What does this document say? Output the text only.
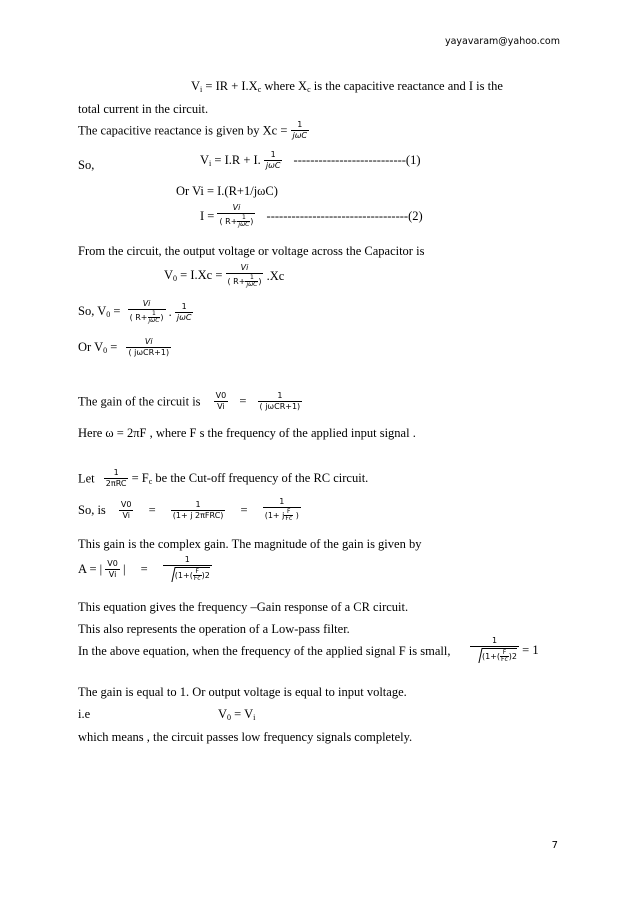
yayavaram@yahoo.com
7
$V_i$ = IR + $I.X_c$ where $X_c$ is the capacitive reactance and I is the
total current in the circuit.
The capacitive reactance is given by $Xc = \frac{1}{\text{jωC}}$
So,	$V_i = I.R + I$. $\frac{1}{\text{jωC}} ---------------------------(1)$
Or Vi = I.(R+1/jωC)
$I = \frac{Vi}{( R+ \frac{1}{\text{jωC}} )} ----------------------------------(2)$
From the circuit, the output voltage or voltage across the Capacitor is
$V_0 = I.Xc = \frac{Vi}{( R+ \frac{1}{\text{jωC}} )} .Xc$
So, $V_0 = \frac{Vi}{( R+ \frac{1}{\text{jωC}} )}$ . $\frac{1}{\text{jωC}}$
Or $V_0 = \frac{Vi}{\text{( jωCR+1)}}$
The gain of the circuit is $\frac{V0}{Vi} = \frac{1}{\text{( jωCR+1)}}$
Here ω = 2πF , where F s the frequency of the applied input signal .
Let $\frac{1}{\text{2πRC}} = F_c$ be the Cut-off frequency of the RC circuit.
So, is $\frac{V0}{Vi} = \frac{1}{\text{(1+ j 2πFRC)}} = \frac{1}{(1+ j \frac{F}{Fc} )}$
This gain is the complex gain. The magnitude of the gain is given by
A = | $\frac{V0}{Vi}$ | = $\frac{1}{(1+( \frac{F}{Fc} )2}$
This equation gives the frequency –Gain response of a CR circuit.
This also represents the operation of a Low-pass filter.
In the above equation, when the frequency of the applied signal F is small, $\frac{1}{(1+( \frac{F}{Fc} )2} = 1$
The gain is equal to 1. Or output voltage is equal to input voltage.
i.e	$V_0 = V_i$
which means , the circuit passes low frequency signals completely.
